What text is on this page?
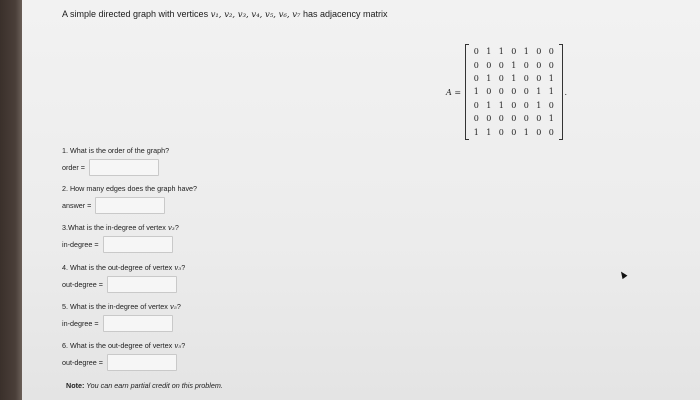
A simple directed graph with vertices v₁, v₂, v₃, v₄, v₅, v₆, v₇ has adjacency matrix
A =
0 1 1 0 1 0 0
0 0 0 1 0 0 0
0 1 0 1 0 0 1
1 0 0 0 0 1 1
0 1 1 0 0 1 0
0 0 0 0 0 0 1
1 1 0 0 1 0 0
.
1. What is the order of the graph?
order =
2. How many edges does the graph have?
answer =
3.What is the in-degree of vertex v₃?
in-degree =
4. What is the out-degree of vertex v₃?
out-degree =
5. What is the in-degree of vertex v₅?
in-degree =
6. What is the out-degree of vertex v₅?
out-degree =
Note: You can earn partial credit on this problem.
